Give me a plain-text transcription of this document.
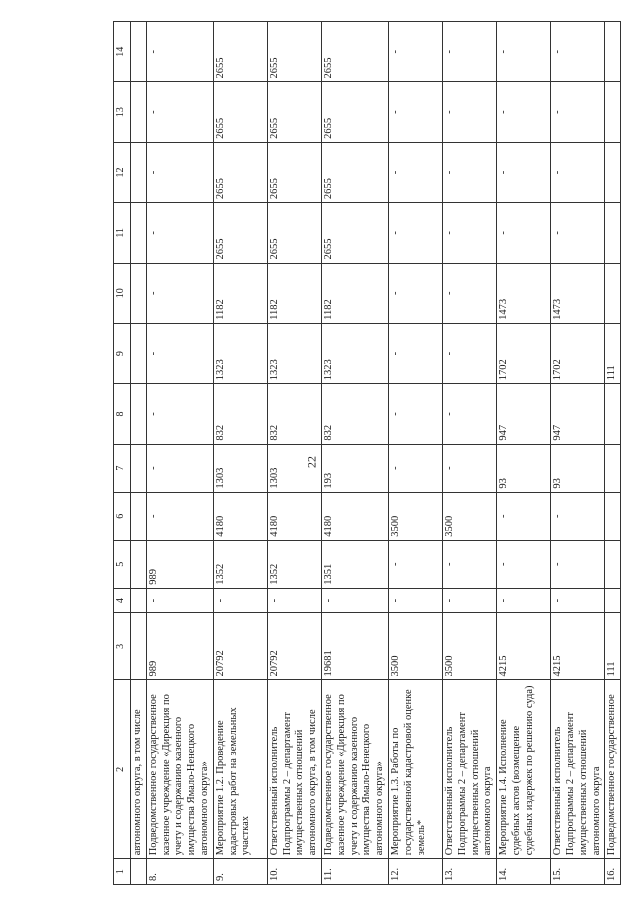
22
1	2	3	4	5	6	7	8	9	10	11	12	13	14
	автономного округа, в том числе												
8.	Подведомственное государственное казенное учреждение «Дирекция по учету и содержанию казенного имущества Ямало-Ненецкого автономного округа»	989	-	989	-	-	-	-	-	-	-	-	-
9.	Мероприятие 1.2. Проведение кадастровых работ на земельных участках	20792	-	1352	4180	1303	832	1323	1182	2655	2655	2655	2655
10.	Ответственный исполнитель Подпрограммы 2 – департамент имущественных отношений автономного округа, в том числе	20792	-	1352	4180	1303	832	1323	1182	2655	2655	2655	2655
11.	Подведомственное государственное казенное учреждение «Дирекция по учету и содержанию казенного имущества Ямало-Ненецкого автономного округа»	19681	-	1351	4180	193	832	1323	1182	2655	2655	2655	2655
12.	Мероприятие 1.3. Работы по государственной кадастровой оценке земель*	3500	-	-	3500	-	-	-	-	-	-	-	-
13.	Ответственный исполнитель Подпрограммы 2 – департамент имущественных отношений автономного округа	3500	-	-	3500	-	-	-	-	-	-	-	-
14.	Мероприятие 1.4. Исполнение судебных актов (возмещение судебных издержек по решению суда)	4215	-	-	-	93	947	1702	1473	-	-	-	-
15.	Ответственный исполнитель Подпрограммы 2 – департамент имущественных отношений автономного округа	4215	-	-	-	93	947	1702	1473	-	-	-	-
16.	Подведомственное государственное	111						111					
